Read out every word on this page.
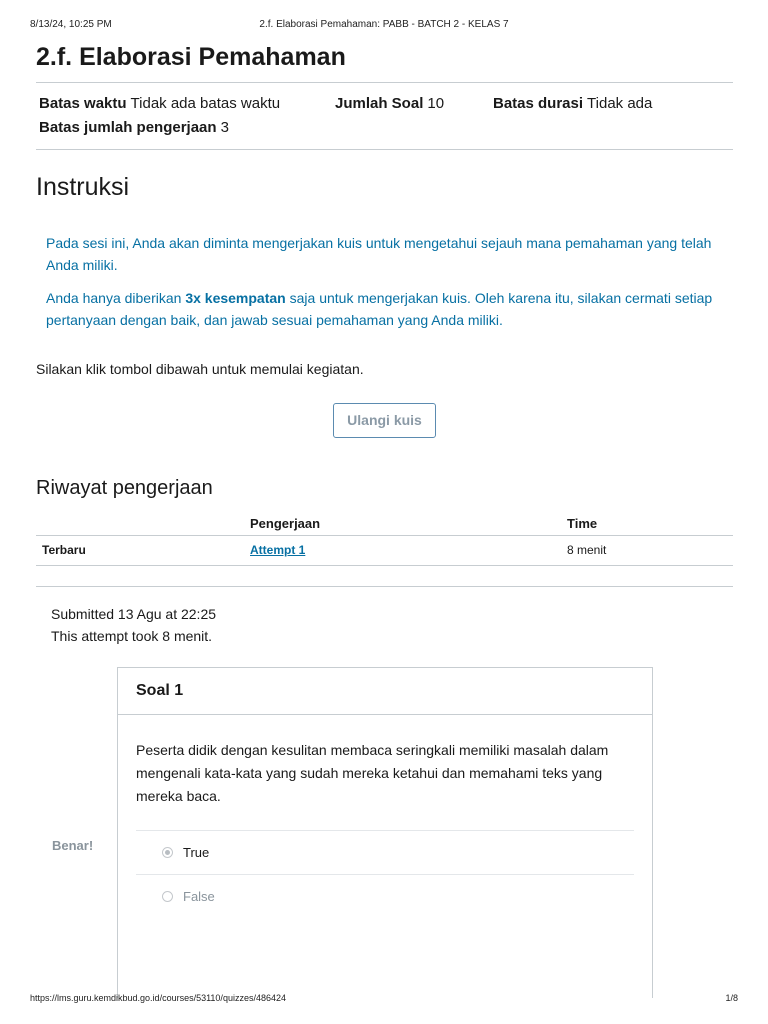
8/13/24, 10:25 PM	2.f. Elaborasi Pemahaman: PABB - BATCH 2 - KELAS 7
2.f. Elaborasi Pemahaman
Batas waktu Tidak ada batas waktu	Jumlah Soal 10	Batas durasi Tidak ada
Batas jumlah pengerjaan 3
Instruksi

Pada sesi ini, Anda akan diminta mengerjakan kuis untuk mengetahui sejauh mana pemahaman yang telah Anda miliki.

Anda hanya diberikan 3x kesempatan saja untuk mengerjakan kuis. Oleh karena itu, silakan cermati setiap pertanyaan dengan baik, dan jawab sesuai pemahaman yang Anda miliki.

Silakan klik tombol dibawah untuk memulai kegiatan.
Ulangi kuis
Riwayat pengerjaan
	Pengerjaan	Time
Terbaru	Attempt 1	8 menit
Submitted 13 Agu at 22:25
This attempt took 8 menit.
Benar!
Soal 1
Peserta didik dengan kesulitan membaca seringkali memiliki masalah dalam mengenali kata-kata yang sudah mereka ketahui dan memahami teks yang mereka baca.
True
False
https://lms.guru.kemdikbud.go.id/courses/53110/quizzes/486424	1/8
